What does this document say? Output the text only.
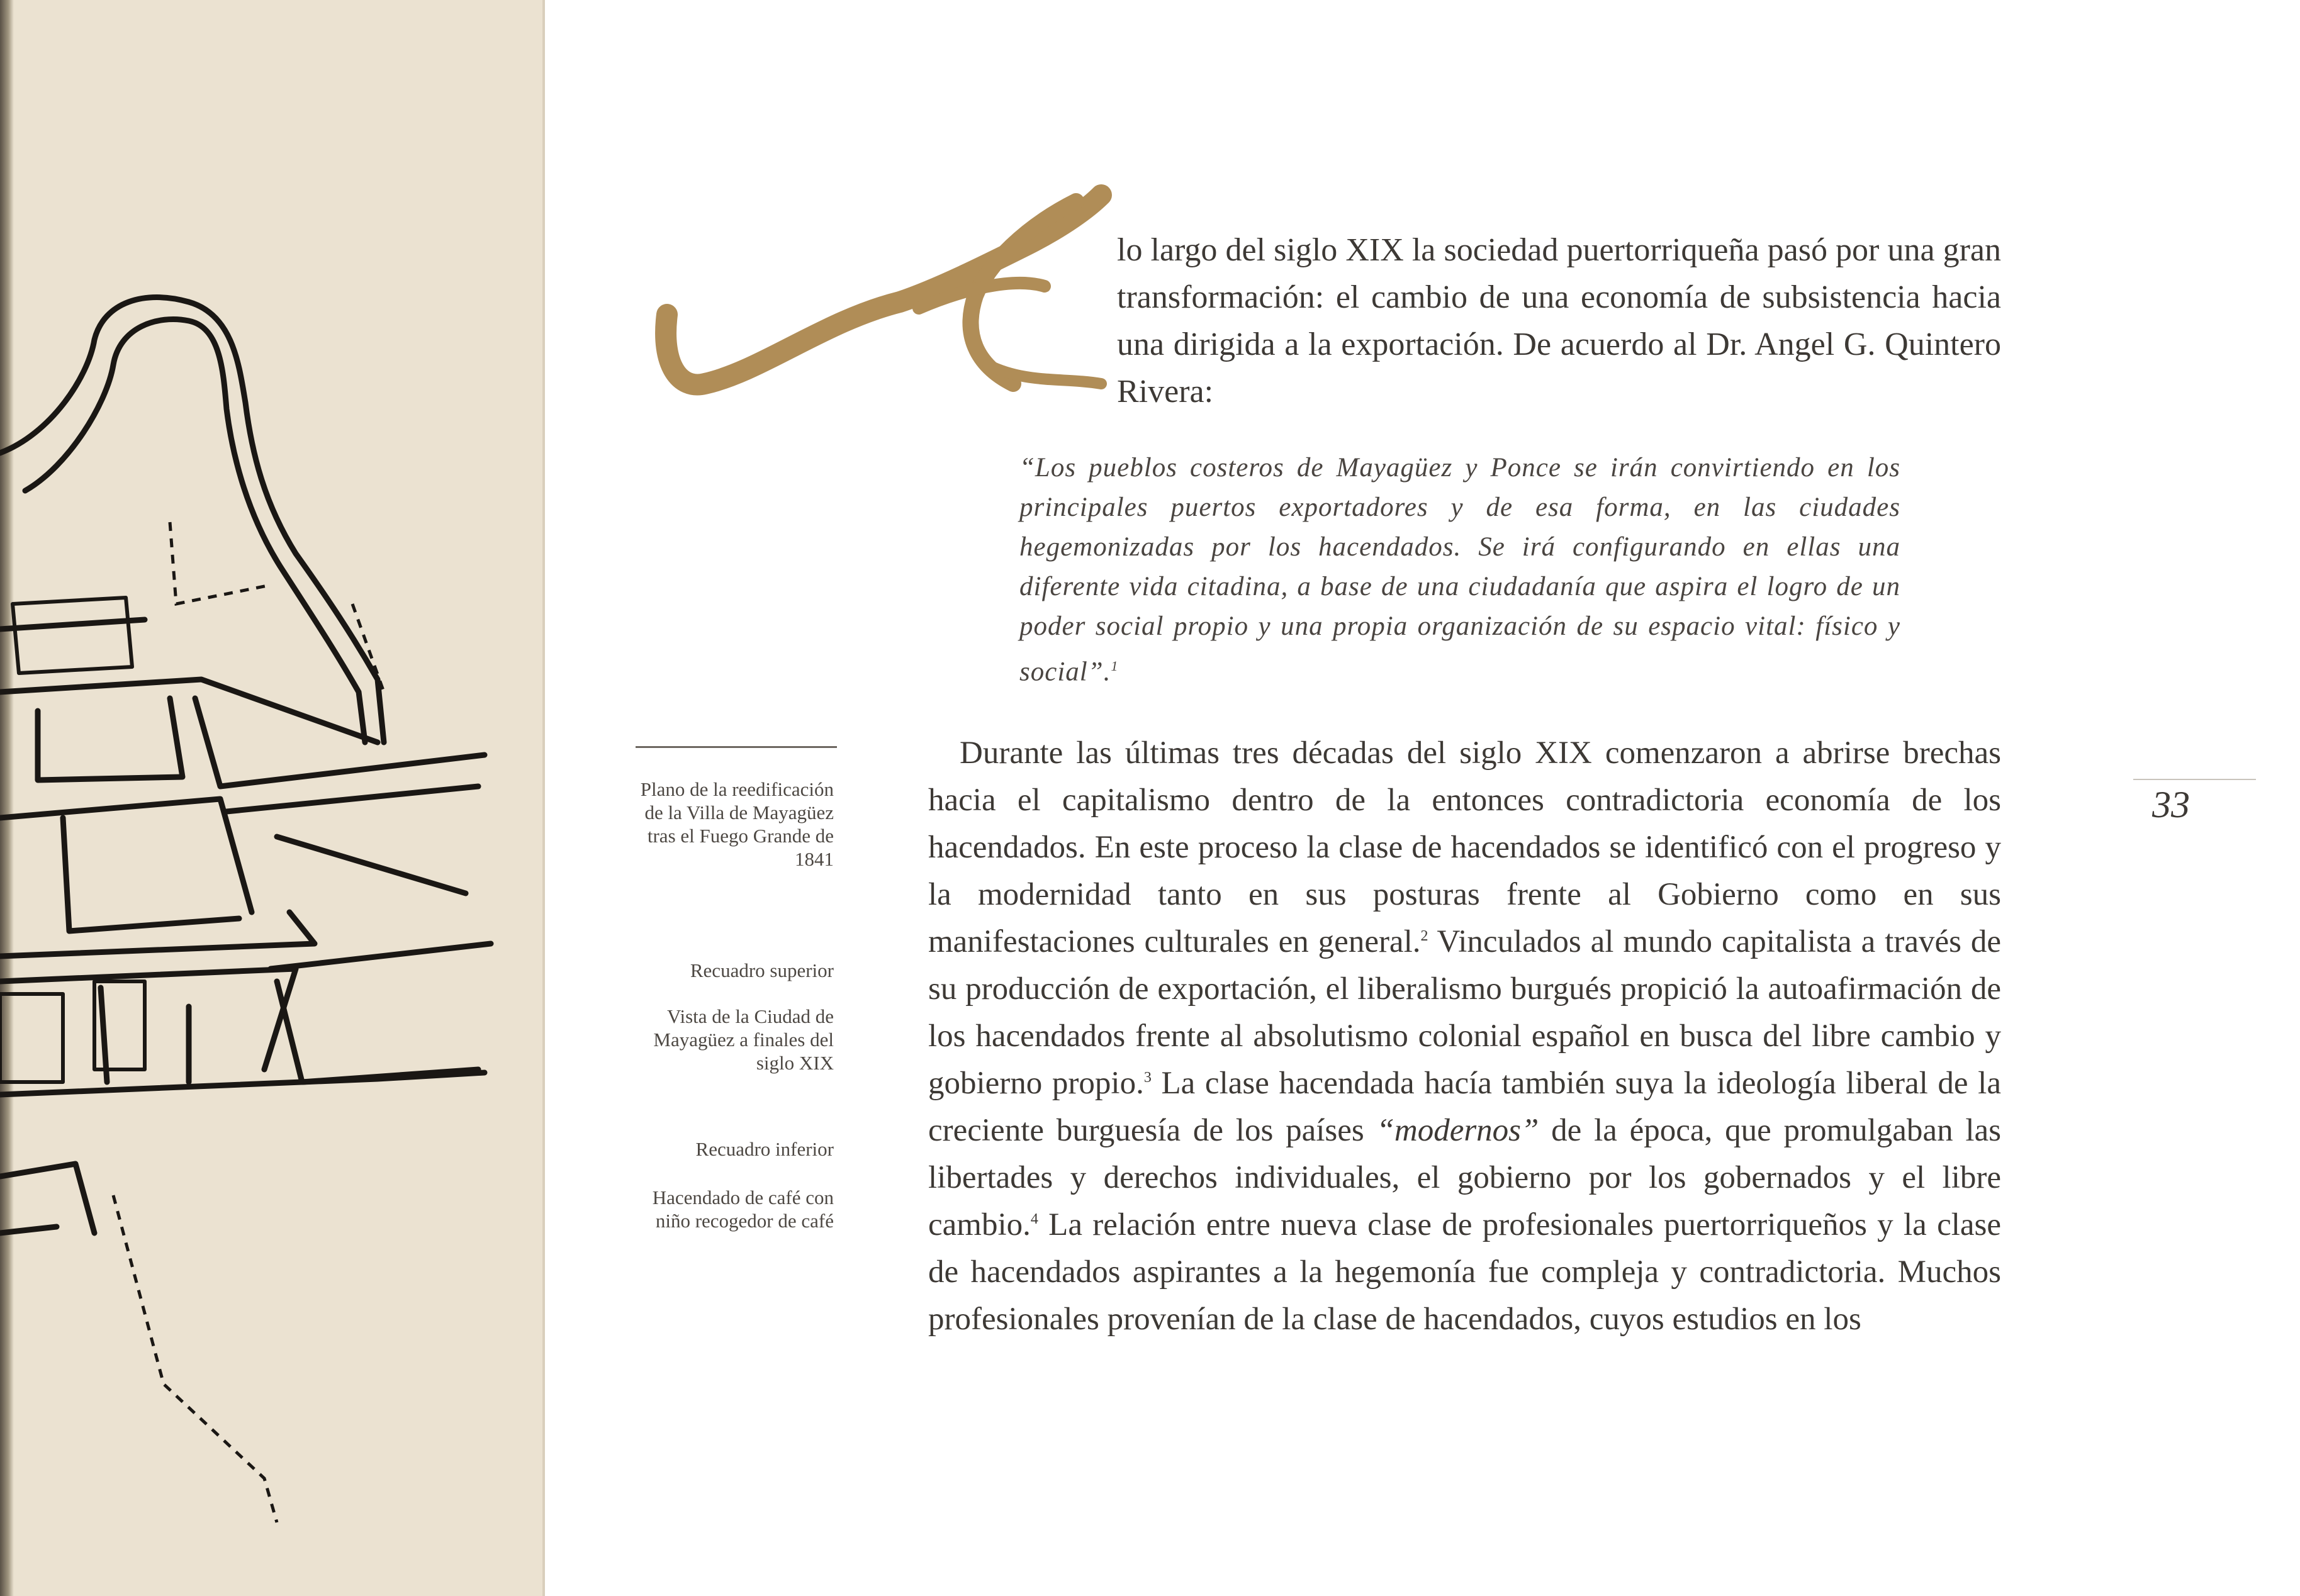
lo largo del siglo XIX la sociedad puertorriqueña pasó por una gran transformación: el cambio de una economía de subsistencia hacia una dirigida a la exportación. De acuerdo al Dr. Angel G. Quintero Rivera:

“Los pueblos costeros de Mayagüez y Ponce se irán convirtiendo en los principales puertos exportadores y de esa forma, en las ciudades hegemonizadas por los hacendados. Se irá configurando en ellas una diferente vida citadina, a base de una ciudadanía que aspira el logro de un poder social propio y una propia organización de su espacio vital: físico y social”.$^1$

Plano de la reedificación de la Villa de Mayagüez tras el Fuego Grande de 1841

Recuadro superior

Vista de la Ciudad de Mayagüez a finales del siglo XIX

Recuadro inferior

Hacendado de café con niño recogedor de café

Durante las últimas tres décadas del siglo XIX comenzaron a abrirse brechas hacia el capitalismo dentro de la entonces contradictoria economía de los hacendados. En este proceso la clase de hacendados se identificó con el progreso y la modernidad tanto en sus posturas frente al Gobierno como en sus manifestaciones culturales en general.$^2$ Vinculados al mundo capitalista a través de su producción de exportación, el liberalismo burgués propició la autoafirmación de los hacendados frente al absolutismo colonial español en busca del libre cambio y gobierno propio.$^3$ La clase hacendada hacía también suya la ideología liberal de la creciente burguesía de los países “modernos” de la época, que promulgaban las libertades y derechos individuales, el gobierno por los gobernados y el libre cambio.$^4$ La relación entre nueva clase de profesionales puertorriqueños y la clase de hacendados aspirantes a la hegemonía fue compleja y contradictoria. Muchos profesionales provenían de la clase de hacendados, cuyos estudios en los

33
